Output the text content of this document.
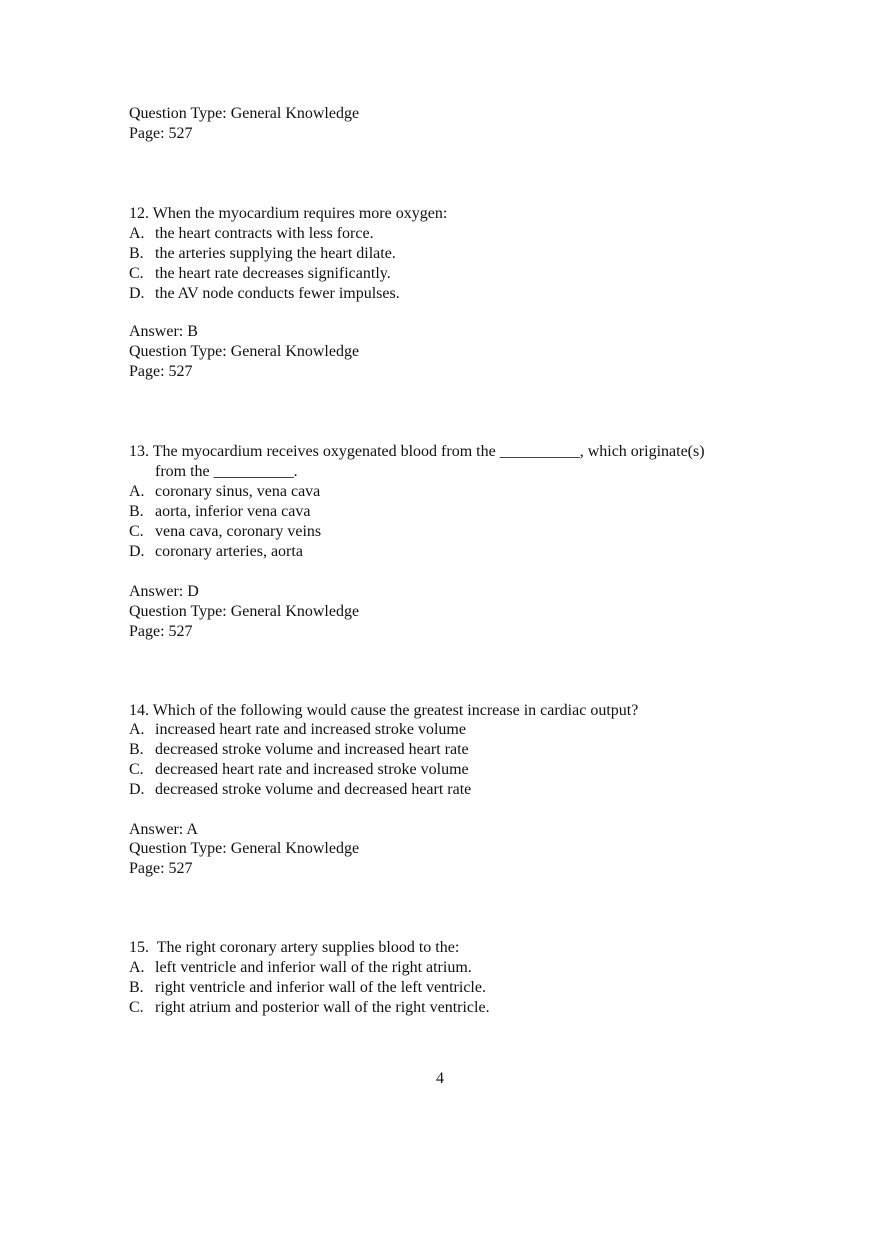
Question Type: General Knowledge
Page: 527
12. When the myocardium requires more oxygen:
A. the heart contracts with less force.
B. the arteries supplying the heart dilate.
C. the heart rate decreases significantly.
D. the AV node conducts fewer impulses.
Answer: B
Question Type: General Knowledge
Page: 527
13. The myocardium receives oxygenated blood from the __________, which originate(s)
from the __________.
A. coronary sinus, vena cava
B. aorta, inferior vena cava
C. vena cava, coronary veins
D. coronary arteries, aorta
Answer: D
Question Type: General Knowledge
Page: 527
14. Which of the following would cause the greatest increase in cardiac output?
A. increased heart rate and increased stroke volume
B. decreased stroke volume and increased heart rate
C. decreased heart rate and increased stroke volume
D. decreased stroke volume and decreased heart rate
Answer: A
Question Type: General Knowledge
Page: 527
15.  The right coronary artery supplies blood to the:
A. left ventricle and inferior wall of the right atrium.
B. right ventricle and inferior wall of the left ventricle.
C. right atrium and posterior wall of the right ventricle.
4
